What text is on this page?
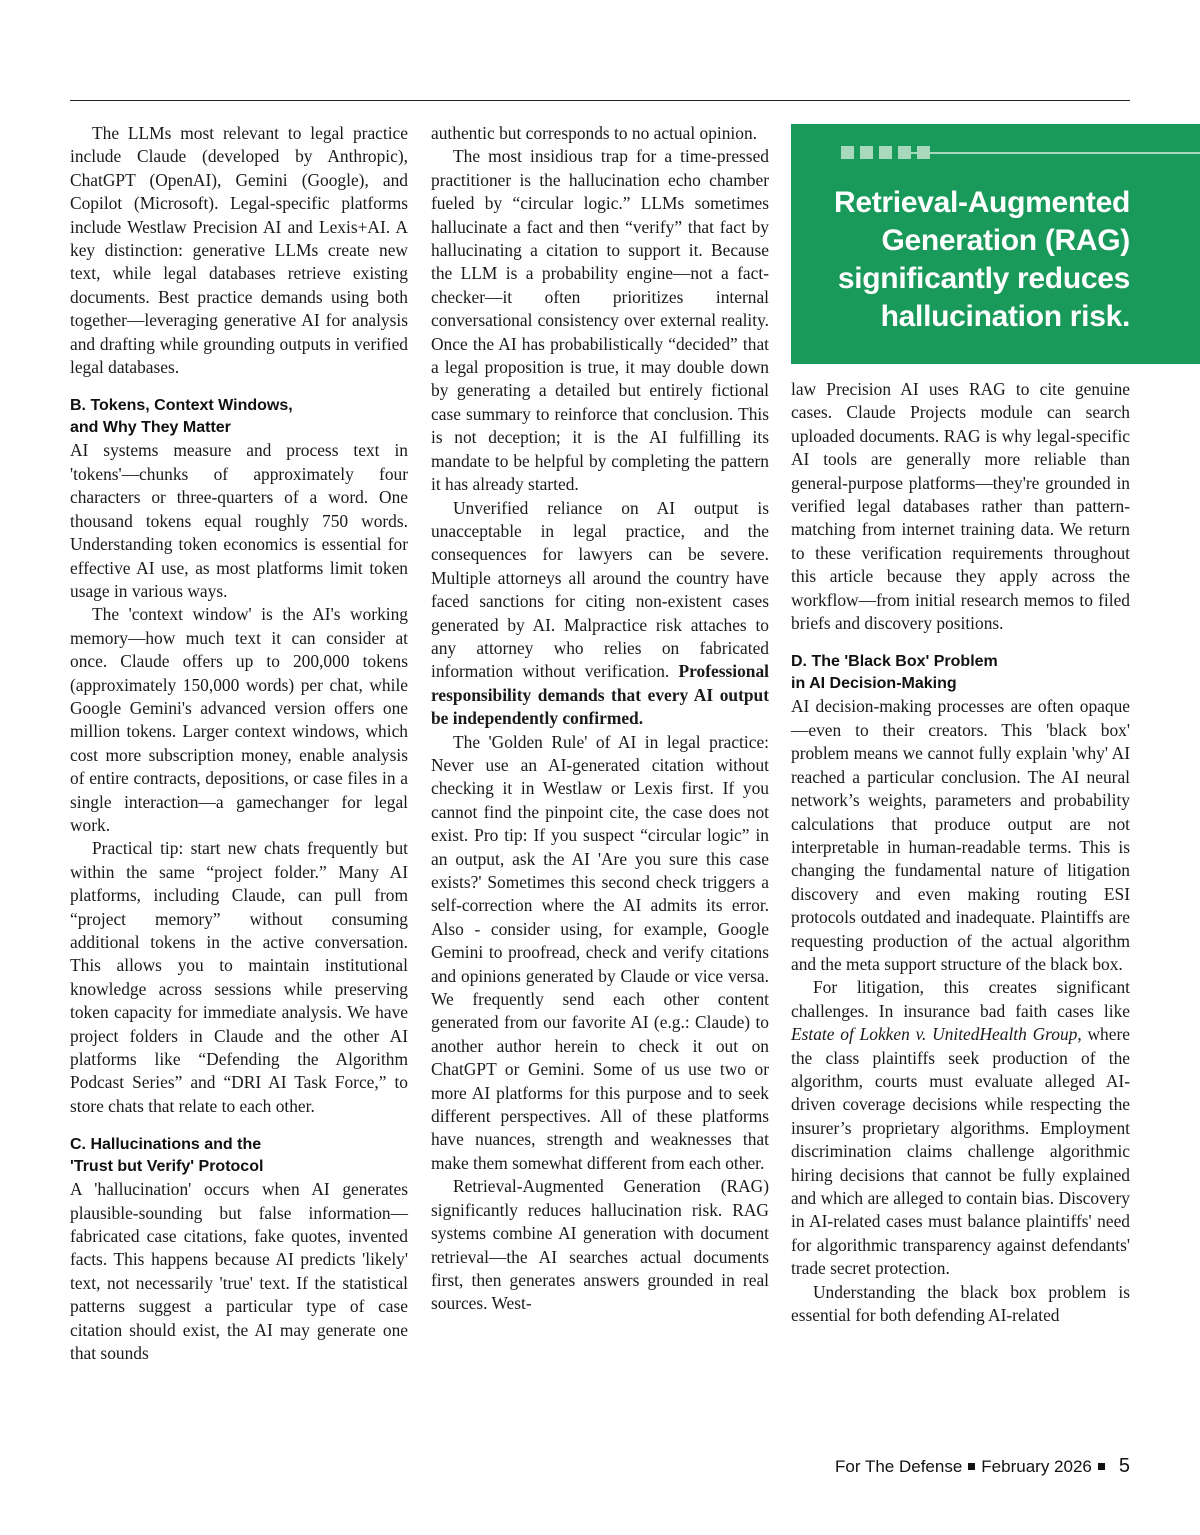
The LLMs most relevant to legal practice include Claude (developed by Anthropic), ChatGPT (OpenAI), Gemini (Google), and Copilot (Microsoft). Legal-specific platforms include Westlaw Precision AI and Lexis+AI. A key distinction: generative LLMs create new text, while legal databases retrieve existing documents. Best practice demands using both together—leveraging generative AI for analysis and drafting while grounding outputs in verified legal databases.

B. Tokens, Context Windows,
and Why They Matter

AI systems measure and process text in 'tokens'—chunks of approximately four characters or three-quarters of a word. One thousand tokens equal roughly 750 words. Understanding token economics is essential for effective AI use, as most platforms limit token usage in various ways.

The 'context window' is the AI's working memory—how much text it can consider at once. Claude offers up to 200,000 tokens (approximately 150,000 words) per chat, while Google Gemini's advanced version offers one million tokens. Larger context windows, which cost more subscription money, enable analysis of entire contracts, depositions, or case files in a single interaction—a gamechanger for legal work.

Practical tip: start new chats frequently but within the same “project folder.” Many AI platforms, including Claude, can pull from “project memory” without consuming additional tokens in the active conversation. This allows you to maintain institutional knowledge across sessions while preserving token capacity for immediate analysis. We have project folders in Claude and the other AI platforms like “Defending the Algorithm Podcast Series” and “DRI AI Task Force,” to store chats that relate to each other.

C. Hallucinations and the
'Trust but Verify' Protocol

A 'hallucination' occurs when AI generates plausible-sounding but false information—fabricated case citations, fake quotes, invented facts. This happens because AI predicts 'likely' text, not necessarily 'true' text. If the statistical patterns suggest a particular type of case citation should exist, the AI may generate one that sounds

authentic but corresponds to no actual opinion.

The most insidious trap for a time-pressed practitioner is the hallucination echo chamber fueled by “circular logic.” LLMs sometimes hallucinate a fact and then “verify” that fact by hallucinating a citation to support it. Because the LLM is a probability engine—not a fact-checker—it often prioritizes internal conversational consistency over external reality. Once the AI has probabilistically “decided” that a legal proposition is true, it may double down by generating a detailed but entirely fictional case summary to reinforce that conclusion. This is not deception; it is the AI fulfilling its mandate to be helpful by completing the pattern it has already started.

Unverified reliance on AI output is unacceptable in legal practice, and the consequences for lawyers can be severe. Multiple attorneys all around the country have faced sanctions for citing non-existent cases generated by AI. Malpractice risk attaches to any attorney who relies on fabricated information without verification. Professional responsibility demands that every AI output be independently confirmed.

The 'Golden Rule' of AI in legal practice: Never use an AI-generated citation without checking it in Westlaw or Lexis first. If you cannot find the pinpoint cite, the case does not exist. Pro tip: If you suspect “circular logic” in an output, ask the AI 'Are you sure this case exists?' Sometimes this second check triggers a self-correction where the AI admits its error. Also - consider using, for example, Google Gemini to proofread, check and verify citations and opinions generated by Claude or vice versa. We frequently send each other content generated from our favorite AI (e.g.: Claude) to another author herein to check it out on ChatGPT or Gemini. Some of us use two or more AI platforms for this purpose and to seek different perspectives. All of these platforms have nuances, strength and weaknesses that make them somewhat different from each other.

Retrieval-Augmented Generation (RAG) significantly reduces hallucination risk. RAG systems combine AI generation with document retrieval—the AI searches actual documents first, then generates answers grounded in real sources. West-

Retrieval-Augmented Generation (RAG) significantly reduces hallucination risk.

law Precision AI uses RAG to cite genuine cases. Claude Projects module can search uploaded documents. RAG is why legal-specific AI tools are generally more reliable than general-purpose platforms—they're grounded in verified legal databases rather than pattern-matching from internet training data. We return to these verification requirements throughout this article because they apply across the workflow—from initial research memos to filed briefs and discovery positions.

D. The 'Black Box' Problem
in AI Decision-Making

AI decision-making processes are often opaque—even to their creators. This 'black box' problem means we cannot fully explain 'why' AI reached a particular conclusion. The AI neural network’s weights, parameters and probability calculations that produce output are not interpretable in human-readable terms. This is changing the fundamental nature of litigation discovery and even making routing ESI protocols outdated and inadequate. Plaintiffs are requesting production of the actual algorithm and the meta support structure of the black box.

For litigation, this creates significant challenges. In insurance bad faith cases like Estate of Lokken v. UnitedHealth Group, where the class plaintiffs seek production of the algorithm, courts must evaluate alleged AI-driven coverage decisions while respecting the insurer’s proprietary algorithms. Employment discrimination claims challenge algorithmic hiring decisions that cannot be fully explained and which are alleged to contain bias. Discovery in AI-related cases must balance plaintiffs' need for algorithmic transparency against defendants' trade secret protection.

Understanding the black box problem is essential for both defending AI-related

For The Defense February 2026 5
